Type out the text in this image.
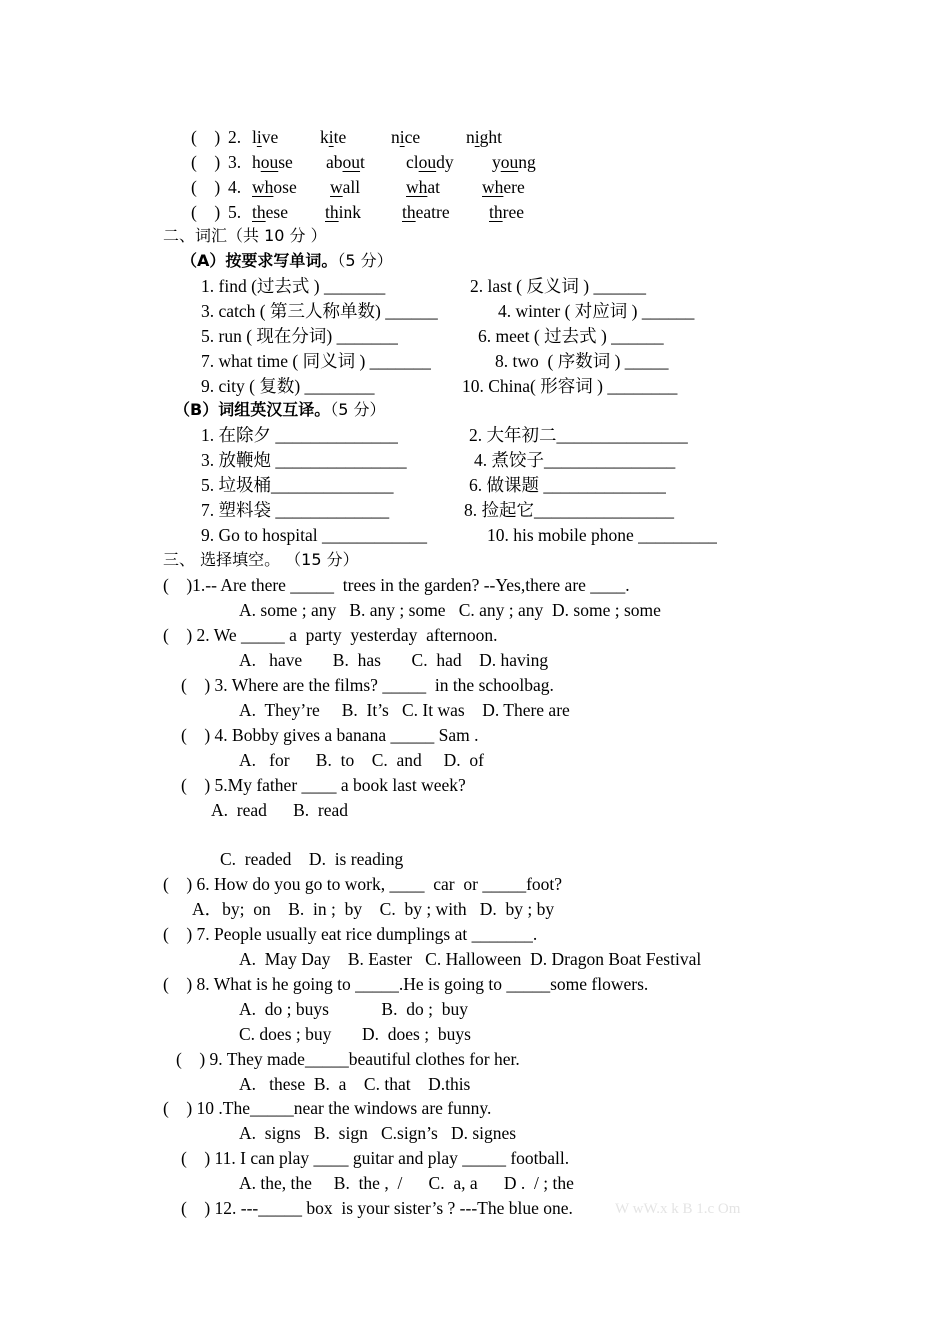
(    ) 2. live kite	nice	night
(    ) 3. house about cloudy young
(    ) 4. whose wall	what where
(    ) 5. these think theatre three
二、词汇（共 10 分 ）
（A）按要求写单词。（5 分）
1. find (过去式 ) _______	2. last ( 反义词 ) ______
3. catch ( 第三人称单数) ______	4. winter ( 对应词 ) ______
5. run ( 现在分词) _______	6. meet ( 过去式 ) ______
7. what time ( 同义词 ) _______	8. two  ( 序数词 ) _____
9. city ( 复数) ________	10. China( 形容词 ) ________
（B）词组英汉互译。（5 分）
1. 在除夕 ______________	2. 大年初二_______________
3. 放鞭炮 _______________	4. 煮饺子_______________
5. 垃圾桶______________	6. 做课题 ______________
7. 塑料袋 _____________	8. 捡起它________________
9. Go to hospital ____________	10. his mobile phone _________
三、 选择填空。 （15 分）
(    )1.-- Are there _____  trees in the garden? --Yes,there are ____.
A. some ; any   B. any ; some   C. any ; any  D. some ; some
(    ) 2. We _____ a  party  yesterday  afternoon.
A.   have       B.  has       C.  had    D. having
(    ) 3. Where are the films? _____  in the schoolbag.
A.  They’re     B.  It’s   C. It was    D. There are
(    ) 4. Bobby gives a banana _____ Sam .
A.   for      B.  to    C.  and     D.  of
(    ) 5.My father ____ a book last week?
A.  read      B.  read
C.  readed    D.  is reading
(    ) 6. How do you go to work, ____  car  or _____foot?
A．by;  on    B.  in ;  by    C.  by ; with   D.  by ; by
(    ) 7. People usually eat rice dumplings at _______.
A.  May Day    B. Easter   C. Halloween  D. Dragon Boat Festival
(    ) 8. What is he going to _____.He is going to _____some flowers.
A.  do ; buys            B.  do ;  buy
C. does ; buy       D.  does ;  buys
(    ) 9. They made_____beautiful clothes for her.
A.   these  B.  a    C. that    D.this
(    ) 10 .The_____near the windows are funny.
A.  signs   B.  sign   C.sign’s   D. signes
(    ) 11. I can play ____ guitar and play _____ football.
A. the, the     B.  the ,  /      C.  a, a      D .  / ; the
(    ) 12. ---_____ box  is your sister’s ? ---The blue one.	W wW.x k B 1.c Om
